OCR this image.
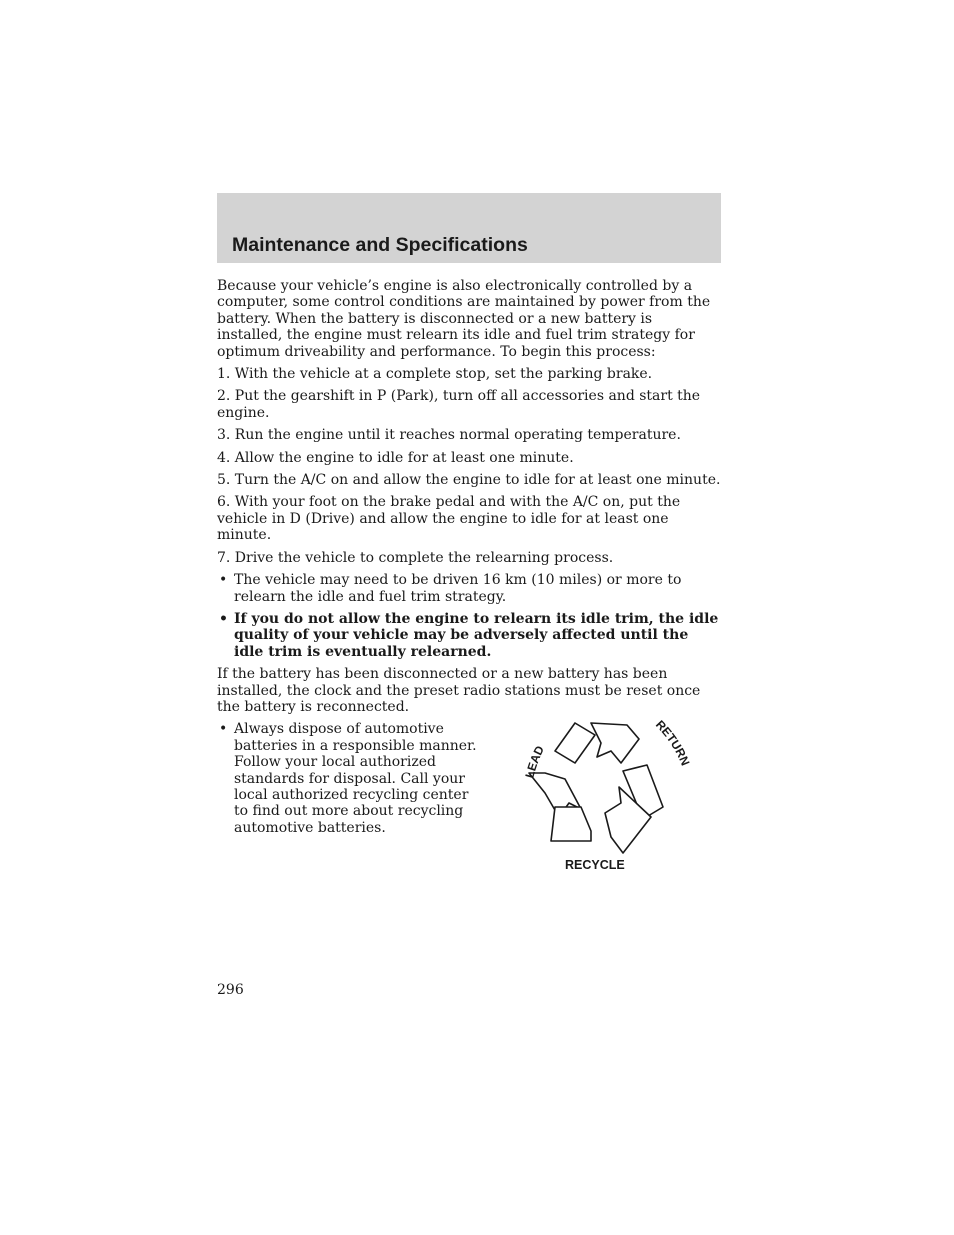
Maintenance and Specifications

Because your vehicle’s engine is also electronically controlled by a computer, some control conditions are maintained by power from the battery. When the battery is disconnected or a new battery is installed, the engine must relearn its idle and fuel trim strategy for optimum driveability and performance. To begin this process:

1. With the vehicle at a complete stop, set the parking brake.

2. Put the gearshift in P (Park), turn off all accessories and start the engine.

3. Run the engine until it reaches normal operating temperature.

4. Allow the engine to idle for at least one minute.

5. Turn the A/C on and allow the engine to idle for at least one minute.

6. With your foot on the brake pedal and with the A/C on, put the vehicle in D (Drive) and allow the engine to idle for at least one minute.

7. Drive the vehicle to complete the relearning process.

• The vehicle may need to be driven 16 km (10 miles) or more to relearn the idle and fuel trim strategy.
• If you do not allow the engine to relearn its idle trim, the idle quality of your vehicle may be adversely affected until the idle trim is eventually relearned.

If the battery has been disconnected or a new battery has been installed, the clock and the preset radio stations must be reset once the battery is reconnected.

• Always dispose of automotive batteries in a responsible manner. Follow your local authorized standards for disposal. Call your local authorized recycling center to find out more about recycling automotive batteries.
LEAD
RETURN
RECYCLE

296
